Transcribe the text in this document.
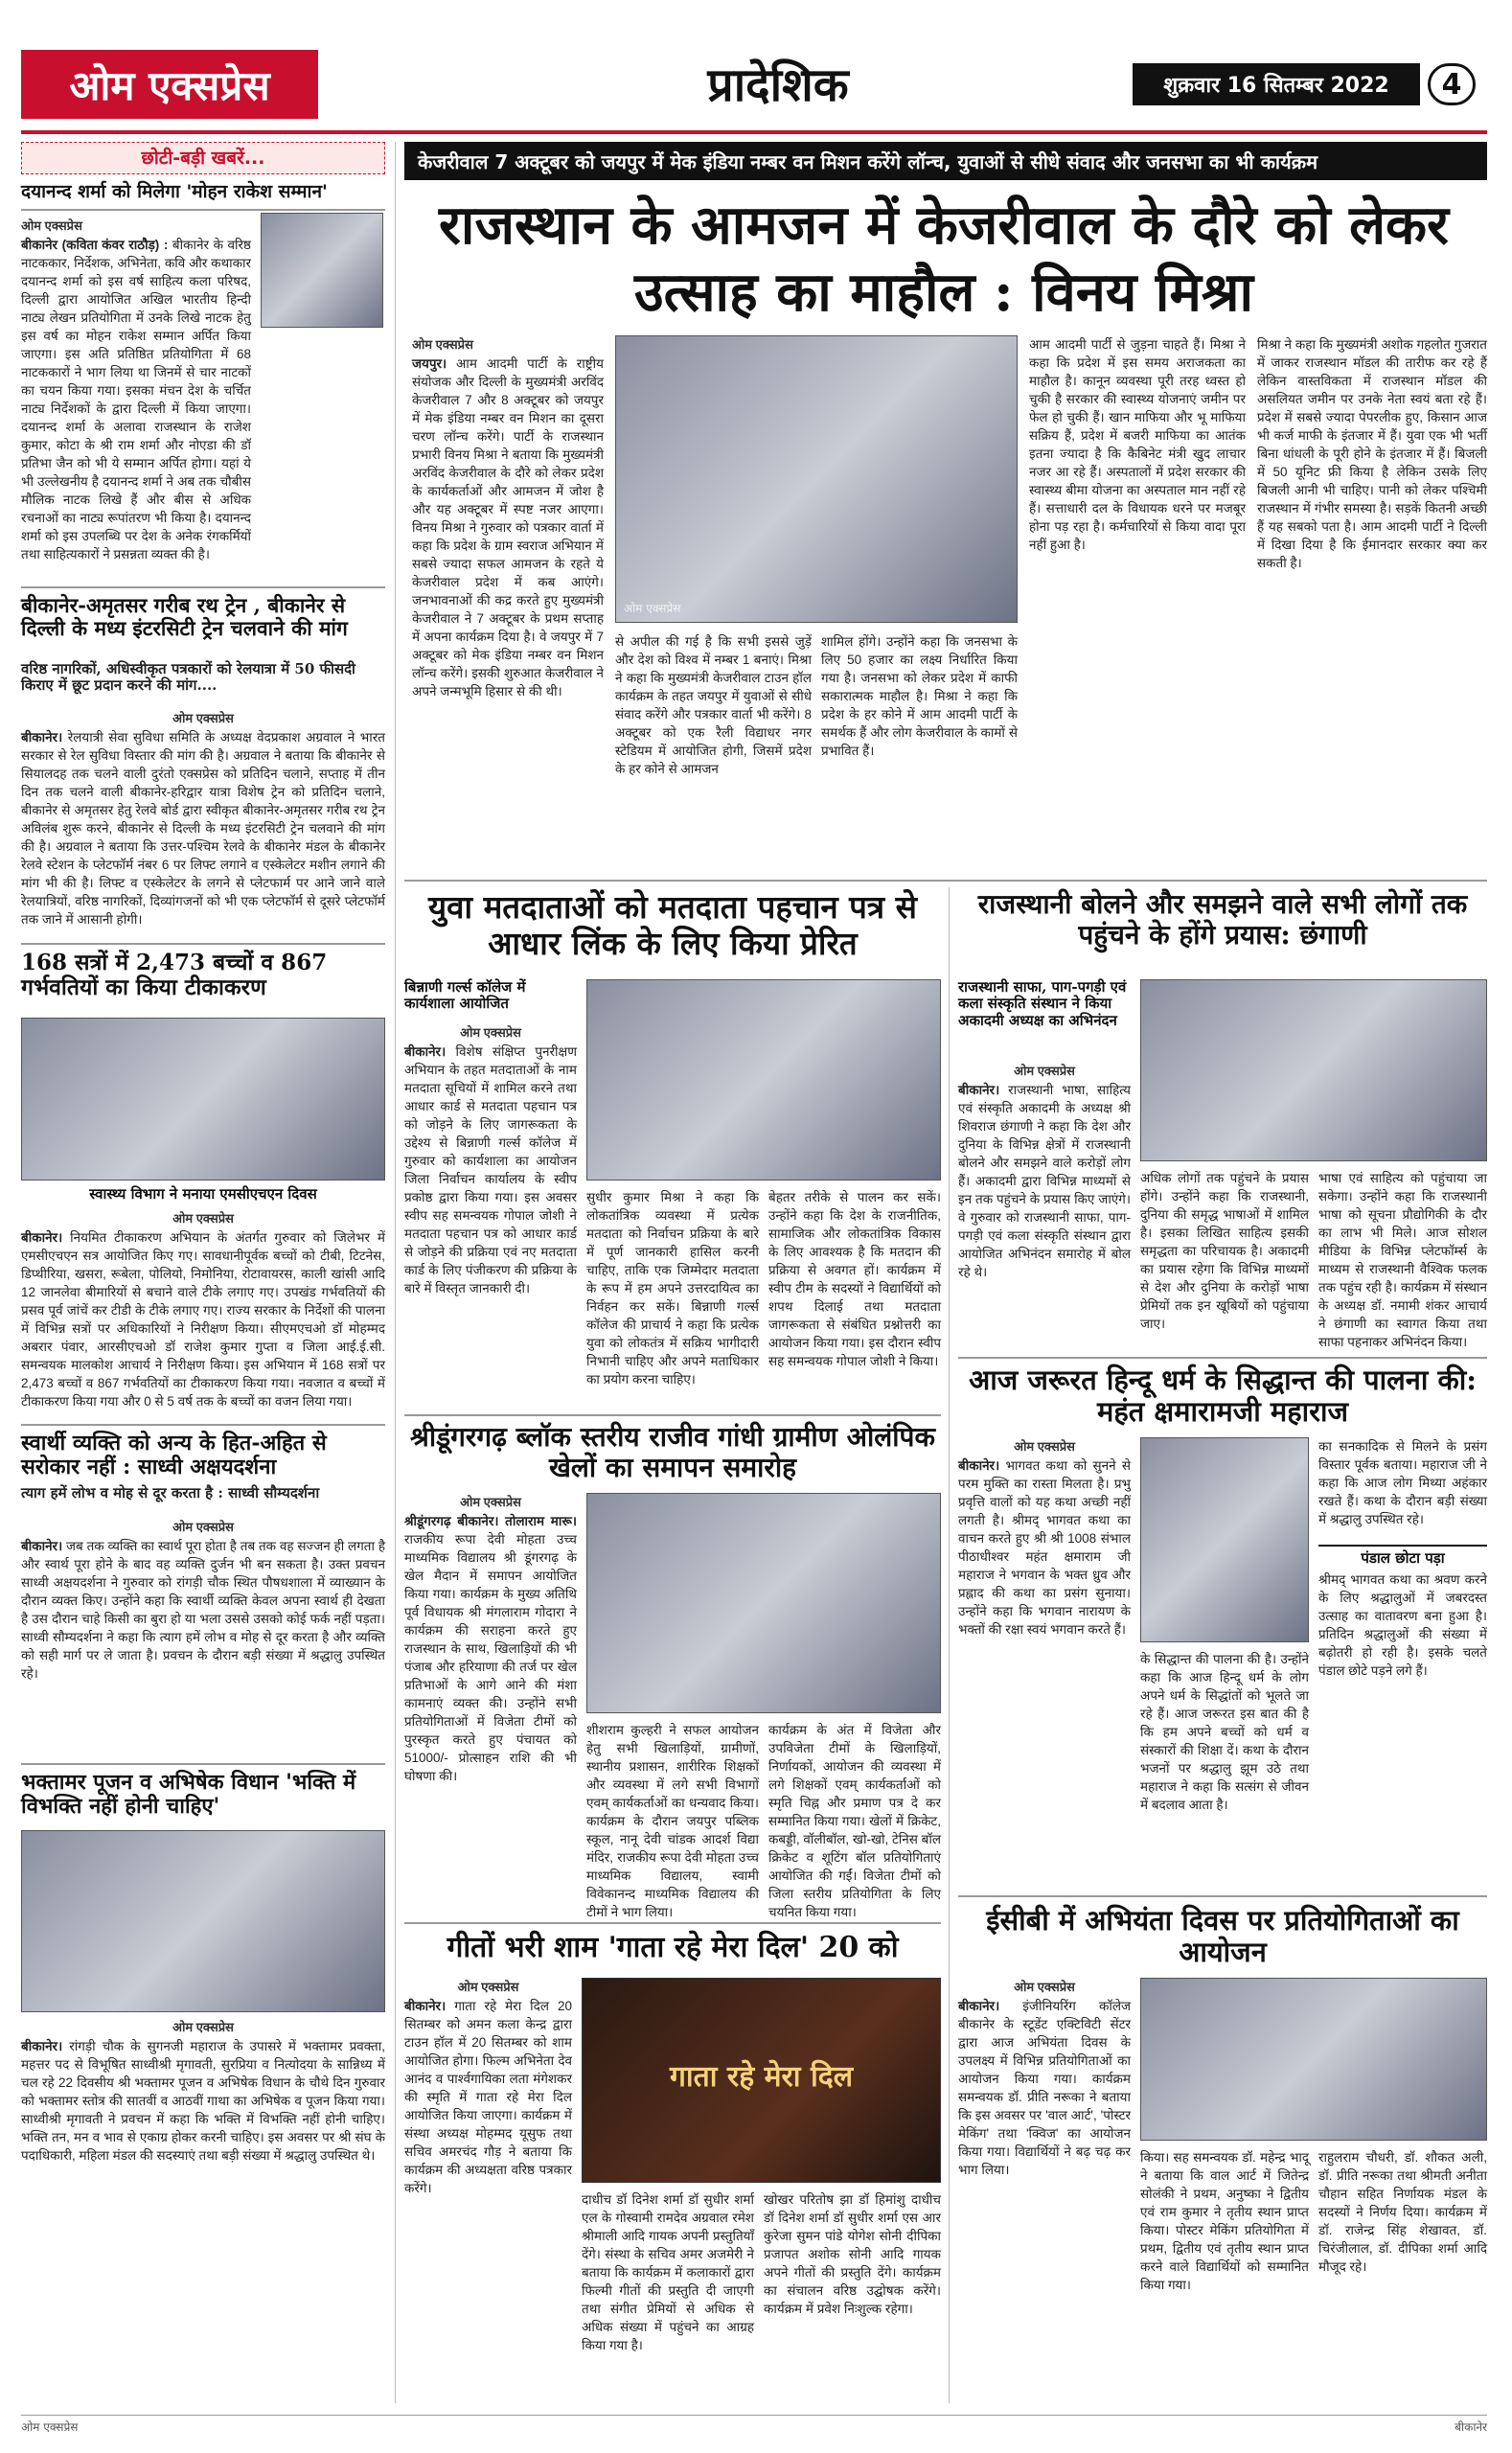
ओम एक्सप्रेस	प्रादेशिक	शुक्रवार 16 सितम्बर 2022	4
छोटी-बड़ी खबरें...
दयानन्द शर्मा को मिलेगा 'मोहन राकेश सम्मान'
ओम एक्सप्रेस
बीकानेर (कविता कंवर राठौड़) : बीकानेर के वरिष्ठ नाटककार, निर्देशक, अभिनेता, कवि और कथाकार दयानन्द शर्मा को इस वर्ष साहित्य कला परिषद, दिल्ली द्वारा आयोजित अखिल भारतीय हिन्दी नाट्य लेखन प्रतियोगिता में उनके लिखे नाटक हेतु इस वर्ष का मोहन राकेश सम्मान अर्पित किया जाएगा। इस अति प्रतिष्ठित प्रतियोगिता में 68 नाटककारों ने भाग लिया था जिनमें से चार नाटकों का चयन किया गया। इसका मंचन देश के चर्चित नाट्य निर्देशकों के द्वारा दिल्ली में किया जाएगा। दयानन्द शर्मा के अलावा राजस्थान के राजेश कुमार, कोटा के श्री राम शर्मा और नोएडा की डॉ प्रतिभा जैन को भी ये सम्मान अर्पित होगा। यहां ये भी उल्लेखनीय है दयानन्द शर्मा ने अब तक चौबीस मौलिक नाटक लिखे हैं और बीस से अधिक रचनाओं का नाट्य रूपांतरण भी किया है। दयानन्द शर्मा को इस उपलब्धि पर देश के अनेक रंगकर्मियों तथा साहित्यकारों ने प्रसन्नता व्यक्त की है।
बीकानेर-अमृतसर गरीब रथ ट्रेन , बीकानेर से दिल्ली के मध्य इंटरसिटी ट्रेन चलवाने की मांग
वरिष्ठ नागरिकों, अधिस्वीकृत पत्रकारों को रेलयात्रा में 50 फीसदी किराए में छूट प्रदान करने की मांग....
ओम एक्सप्रेस
बीकानेर। रेलयात्री सेवा सुविधा समिति के अध्यक्ष वेदप्रकाश अग्रवाल ने भारत सरकार से रेल सुविधा विस्तार की मांग की है। अग्रवाल ने बताया कि बीकानेर से सियालदह तक चलने वाली दुरंतो एक्सप्रेस को प्रतिदिन चलाने, सप्ताह में तीन दिन तक चलने वाली बीकानेर-हरिद्वार यात्रा विशेष ट्रेन को प्रतिदिन चलाने, बीकानेर से अमृतसर हेतु रेलवे बोर्ड द्वारा स्वीकृत बीकानेर-अमृतसर गरीब रथ ट्रेन अविलंब शुरू करने, बीकानेर से दिल्ली के मध्य इंटरसिटी ट्रेन चलवाने की मांग की है। अग्रवाल ने बताया कि उत्तर-पश्चिम रेलवे के बीकानेर मंडल के बीकानेर रेलवे स्टेशन के प्लेटफॉर्म नंबर 6 पर लिफ्ट लगाने व एस्केलेटर मशीन लगाने की मांग भी की है। लिफ्ट व एस्केलेटर के लगने से प्लेटफार्म पर आने जाने वाले रेलयात्रियों, वरिष्ठ नागरिकों, दिव्यांगजनों को भी एक प्लेटफॉर्म से दूसरे प्लेटफॉर्म तक जाने में आसानी होगी।
168 सत्रों में 2,473 बच्चों व 867 गर्भवतियों का किया टीकाकरण
स्वास्थ्य विभाग ने मनाया एमसीएचएन दिवस
ओम एक्सप्रेस
बीकानेर। नियमित टीकाकरण अभियान के अंतर्गत गुरुवार को जिलेभर में एमसीएचएन सत्र आयोजित किए गए। सावधानीपूर्वक बच्चों को टीबी, टिटनेस, डिप्थीरिया, खसरा, रूबेला, पोलियो, निमोनिया, रोटावायरस, काली खांसी आदि 12 जानलेवा बीमारियों से बचाने वाले टीके लगाए गए। उपखंड गर्भवतियों की प्रसव पूर्व जांचें कर टीडी के टीके लगाए गए। राज्य सरकार के निर्देशों की पालना में विभिन्न सत्रों पर अधिकारियों ने निरीक्षण किया। सीएमएचओ डॉ मोहम्मद अबरार पंवार, आरसीएचओ डॉ राजेश कुमार गुप्ता व जिला आई.ई.सी. समन्वयक मालकोश आचार्य ने निरीक्षण किया। इस अभियान में 168 सत्रों पर 2,473 बच्चों व 867 गर्भवतियों का टीकाकरण किया गया। नवजात व बच्चों में टीकाकरण किया गया और 0 से 5 वर्ष तक के बच्चों का वजन लिया गया।
स्वार्थी व्यक्ति को अन्य के हित-अहित से सरोकार नहीं : साध्वी अक्षयदर्शना
त्याग हमें लोभ व मोह से दूर करता है : साध्वी सौम्यदर्शना
ओम एक्सप्रेस
बीकानेर। जब तक व्यक्ति का स्वार्थ पूरा होता है तब तक वह सज्जन ही लगता है और स्वार्थ पूरा होने के बाद वह व्यक्ति दुर्जन भी बन सकता है। उक्त प्रवचन साध्वी अक्षयदर्शना ने गुरुवार को रांगड़ी चौक स्थित पौषधशाला में व्याख्यान के दौरान व्यक्त किए। उन्होंने कहा कि स्वार्थी व्यक्ति केवल अपना स्वार्थ ही देखता है उस दौरान चाहे किसी का बुरा हो या भला उससे उसको कोई फर्क नहीं पड़ता। साध्वी सौम्यदर्शना ने कहा कि त्याग हमें लोभ व मोह से दूर करता है और व्यक्ति को सही मार्ग पर ले जाता है। प्रवचन के दौरान बड़ी संख्या में श्रद्धालु उपस्थित रहे।
भक्तामर पूजन व अभिषेक विधान 'भक्ति में विभक्ति नहीं होनी चाहिए'
ओम एक्सप्रेस
बीकानेर। रांगड़ी चौक के सुगनजी महाराज के उपासरे में भक्तामर प्रवक्ता, महत्तर पद से विभूषित साध्वीश्री मृगावती, सुरप्रिया व नित्योदया के सान्निध्य में चल रहे 22 दिवसीय श्री भक्तामर पूजन व अभिषेक विधान के चौथे दिन गुरुवार को भक्तामर स्तोत्र की सातवीं व आठवीं गाथा का अभिषेक व पूजन किया गया। साध्वीश्री मृगावती ने प्रवचन में कहा कि भक्ति में विभक्ति नहीं होनी चाहिए। भक्ति तन, मन व भाव से एकाग्र होकर करनी चाहिए। इस अवसर पर श्री संघ के पदाधिकारी, महिला मंडल की सदस्याएं तथा बड़ी संख्या में श्रद्धालु उपस्थित थे।
केजरीवाल 7 अक्टूबर को जयपुर में मेक इंडिया नम्बर वन मिशन करेंगे लॉन्च, युवाओं से सीधे संवाद और जनसभा का भी कार्यक्रम
राजस्थान के आमजन में केजरीवाल के दौरे को लेकर उत्साह का माहौल : विनय मिश्रा
ओम एक्सप्रेस
जयपुर। आम आदमी पार्टी के राष्ट्रीय संयोजक और दिल्ली के मुख्यमंत्री अरविंद केजरीवाल 7 और 8 अक्टूबर को जयपुर में मेक इंडिया नम्बर वन मिशन का दूसरा चरण लॉन्च करेंगे। पार्टी के राजस्थान प्रभारी विनय मिश्रा ने बताया कि मुख्यमंत्री अरविंद केजरीवाल के दौरे को लेकर प्रदेश के कार्यकर्ताओं और आमजन में जोश है और यह अक्टूबर में स्पष्ट नजर आएगा। विनय मिश्रा ने गुरुवार को पत्रकार वार्ता में कहा कि प्रदेश के ग्राम स्वराज अभियान में सबसे ज्यादा सफल आमजन के रहते ये केजरीवाल प्रदेश में कब आएंगे। जनभावनाओं की कद्र करते हुए मुख्यमंत्री केजरीवाल ने 7 अक्टूबर के प्रथम सप्ताह में अपना कार्यक्रम दिया है। वे जयपुर में 7 अक्टूबर को मेक इंडिया नम्बर वन मिशन लॉन्च करेंगे। इसकी शुरुआत केजरीवाल ने अपने जन्मभूमि हिसार से की थी।
ओम एक्सप्रेस
से अपील की गई है कि सभी इससे जुड़ें और देश को विश्व में नम्बर 1 बनाएं। मिश्रा ने कहा कि मुख्यमंत्री केजरीवाल टाउन हॉल कार्यक्रम के तहत जयपुर में युवाओं से सीधे संवाद करेंगे और पत्रकार वार्ता भी करेंगे। 8 अक्टूबर को एक रैली विद्याधर नगर स्टेडियम में आयोजित होगी, जिसमें प्रदेश के हर कोने से आमजन
शामिल होंगे। उन्होंने कहा कि जनसभा के लिए 50 हजार का लक्ष्य निर्धारित किया गया है। जनसभा को लेकर प्रदेश में काफी सकारात्मक माहौल है। मिश्रा ने कहा कि प्रदेश के हर कोने में आम आदमी पार्टी के समर्थक हैं और लोग केजरीवाल के कामों से प्रभावित हैं।
आम आदमी पार्टी से जुड़ना चाहते हैं। मिश्रा ने कहा कि प्रदेश में इस समय अराजकता का माहौल है। कानून व्यवस्था पूरी तरह ध्वस्त हो चुकी है सरकार की स्वास्थ्य योजनाएं जमीन पर फेल हो चुकी हैं। खान माफिया और भू माफिया सक्रिय हैं, प्रदेश में बजरी माफिया का आतंक इतना ज्यादा है कि कैबिनेट मंत्री खुद लाचार नजर आ रहे हैं। अस्पतालों में प्रदेश सरकार की स्वास्थ्य बीमा योजना का अस्पताल मान नहीं रहे हैं। सत्ताधारी दल के विधायक धरने पर मजबूर होना पड़ रहा है। कर्मचारियों से किया वादा पूरा नहीं हुआ है।
मिश्रा ने कहा कि मुख्यमंत्री अशोक गहलोत गुजरात में जाकर राजस्थान मॉडल की तारीफ कर रहे हैं लेकिन वास्तविकता में राजस्थान मॉडल की असलियत जमीन पर उनके नेता स्वयं बता रहे हैं। प्रदेश में सबसे ज्यादा पेपरलीक हुए, किसान आज भी कर्ज माफी के इंतजार में हैं। युवा एक भी भर्ती बिना धांधली के पूरी होने के इंतजार में हैं। बिजली में 50 यूनिट फ्री किया है लेकिन उसके लिए बिजली आनी भी चाहिए। पानी को लेकर पश्चिमी राजस्थान में गंभीर समस्या है। सड़कें कितनी अच्छी हैं यह सबको पता है। आम आदमी पार्टी ने दिल्ली में दिखा दिया है कि ईमानदार सरकार क्या कर सकती है।
युवा मतदाताओं को मतदाता पहचान पत्र से आधार लिंक के लिए किया प्रेरित
बिन्नाणी गर्ल्स कॉलेज में कार्यशाला आयोजित
ओम एक्सप्रेस
बीकानेर। विशेष संक्षिप्त पुनरीक्षण अभियान के तहत मतदाताओं के नाम मतदाता सूचियों में शामिल करने तथा आधार कार्ड से मतदाता पहचान पत्र को जोड़ने के लिए जागरूकता के उद्देश्य से बिन्नाणी गर्ल्स कॉलेज में गुरुवार को कार्यशाला का आयोजन जिला निर्वाचन कार्यालय के स्वीप प्रकोष्ठ द्वारा किया गया। इस अवसर स्वीप सह समन्वयक गोपाल जोशी ने मतदाता पहचान पत्र को आधार कार्ड से जोड़ने की प्रक्रिया एवं नए मतदाता कार्ड के लिए पंजीकरण की प्रक्रिया के बारे में विस्तृत जानकारी दी।
सुधीर कुमार मिश्रा ने कहा कि लोकतांत्रिक व्यवस्था में प्रत्येक मतदाता को निर्वाचन प्रक्रिया के बारे में पूर्ण जानकारी हासिल करनी चाहिए, ताकि एक जिम्मेदार मतदाता के रूप में हम अपने उत्तरदायित्व का निर्वहन कर सकें। बिन्नाणी गर्ल्स कॉलेज की प्राचार्य ने कहा कि प्रत्येक युवा को लोकतंत्र में सक्रिय भागीदारी निभानी चाहिए और अपने मताधिकार का प्रयोग करना चाहिए।
बेहतर तरीके से पालन कर सकें। उन्होंने कहा कि देश के राजनीतिक, सामाजिक और लोकतांत्रिक विकास के लिए आवश्यक है कि मतदान की प्रक्रिया से अवगत हों। कार्यक्रम में स्वीप टीम के सदस्यों ने विद्यार्थियों को शपथ दिलाई तथा मतदाता जागरूकता से संबंधित प्रश्नोत्तरी का आयोजन किया गया। इस दौरान स्वीप सह समन्वयक गोपाल जोशी ने किया।
श्रीडूंगरगढ़ ब्लॉक स्तरीय राजीव गांधी ग्रामीण ओलंपिक खेलों का समापन समारोह
ओम एक्सप्रेस
श्रीडूंगरगढ़ बीकानेर। तोलाराम मारू। राजकीय रूपा देवी मोहता उच्च माध्यमिक विद्यालय श्री डूंगरगढ़ के खेल मैदान में समापन आयोजित किया गया। कार्यक्रम के मुख्य अतिथि पूर्व विधायक श्री मंगलाराम गोदारा ने कार्यक्रम की सराहना करते हुए राजस्थान के साथ, खिलाड़ियों की भी पंजाब और हरियाणा की तर्ज पर खेल प्रतिभाओं के आगे आने की मंशा कामनाएं व्यक्त की। उन्होंने सभी प्रतियोगिताओं में विजेता टीमों को पुरस्कृत करते हुए पंचायत को 51000/- प्रोत्साहन राशि की भी घोषणा की।
शीशराम कुल्हरी ने सफल आयोजन हेतु सभी खिलाड़ियों, ग्रामीणों, स्थानीय प्रशासन, शारीरिक शिक्षकों और व्यवस्था में लगे सभी विभागों एवम् कार्यकर्ताओं का धन्यवाद किया। कार्यक्रम के दौरान जयपुर पब्लिक स्कूल, नानू देवी चांडक आदर्श विद्या मंदिर, राजकीय रूपा देवी मोहता उच्च माध्यमिक विद्यालय, स्वामी विवेकानन्द माध्यमिक विद्यालय की टीमों ने भाग लिया।
कार्यक्रम के अंत में विजेता और उपविजेता टीमों के खिलाड़ियों, निर्णायकों, आयोजन की व्यवस्था में लगे शिक्षकों एवम् कार्यकर्ताओं को स्मृति चिह्न और प्रमाण पत्र दे कर सम्मानित किया गया। खेलों में क्रिकेट, कबड्डी, वॉलीबॉल, खो-खो, टेनिस बॉल क्रिकेट व शूटिंग बॉल प्रतियोगिताएं आयोजित की गईं। विजेता टीमों को जिला स्तरीय प्रतियोगिता के लिए चयनित किया गया।
गीतों भरी शाम 'गाता रहे मेरा दिल' 20 को
ओम एक्सप्रेस
बीकानेर। गाता रहे मेरा दिल 20 सितम्बर को अमन कला केन्द्र द्वारा टाउन हॉल में 20 सितम्बर को शाम आयोजित होगा। फिल्म अभिनेता देव आनंद व पार्श्वगायिका लता मंगेशकर की स्मृति में गाता रहे मेरा दिल आयोजित किया जाएगा। कार्यक्रम में संस्था अध्यक्ष मोहम्मद यूसुफ तथा सचिव अमरचंद गौड़ ने बताया कि कार्यक्रम की अध्यक्षता वरिष्ठ पत्रकार करेंगे।
गाता रहे मेरा दिल
दाधीच डॉ दिनेश शर्मा डॉ सुधीर शर्मा एल के गोस्वामी रामदेव अग्रवाल रमेश श्रीमाली आदि गायक अपनी प्रस्तुतियाँ देंगे। संस्था के सचिव अमर अजमेरी ने बताया कि कार्यक्रम में कलाकारों द्वारा फिल्मी गीतों की प्रस्तुति दी जाएगी तथा संगीत प्रेमियों से अधिक से अधिक संख्या में पहुंचने का आग्रह किया गया है।
खोखर परितोष झा डॉ हिमांशु दाधीच डॉ दिनेश शर्मा डॉ सुधीर शर्मा एस आर कुरेजा सुमन पांडे योगेश सोनी दीपिका प्रजापत अशोक सोनी आदि गायक अपने गीतों की प्रस्तुति देंगे। कार्यक्रम का संचालन वरिष्ठ उद्घोषक करेंगे। कार्यक्रम में प्रवेश निःशुल्क रहेगा।
राजस्थानी बोलने और समझने वाले सभी लोगों तक पहुंचने के होंगे प्रयास: छंगाणी
राजस्थानी साफा, पाग-पगड़ी एवं कला संस्कृति संस्थान ने किया अकादमी अध्यक्ष का अभिनंदन
ओम एक्सप्रेस
बीकानेर। राजस्थानी भाषा, साहित्य एवं संस्कृति अकादमी के अध्यक्ष श्री शिवराज छंगाणी ने कहा कि देश और दुनिया के विभिन्न क्षेत्रों में राजस्थानी बोलने और समझने वाले करोड़ों लोग हैं। अकादमी द्वारा विभिन्न माध्यमों से इन तक पहुंचने के प्रयास किए जाएंगे। वे गुरुवार को राजस्थानी साफा, पाग-पगड़ी एवं कला संस्कृति संस्थान द्वारा आयोजित अभिनंदन समारोह में बोल रहे थे।
अधिक लोगों तक पहुंचने के प्रयास होंगे। उन्होंने कहा कि राजस्थानी, दुनिया की समृद्ध भाषाओं में शामिल है। इसका लिखित साहित्य इसकी समृद्धता का परिचायक है। अकादमी का प्रयास रहेगा कि विभिन्न माध्यमों से देश और दुनिया के करोड़ों भाषा प्रेमियों तक इन खूबियों को पहुंचाया जाए।
भाषा एवं साहित्य को पहुंचाया जा सकेगा। उन्होंने कहा कि राजस्थानी भाषा को सूचना प्रौद्योगिकी के दौर का लाभ भी मिले। आज सोशल मीडिया के विभिन्न प्लेटफॉर्म्स के माध्यम से राजस्थानी वैश्विक फलक तक पहुंच रही है। कार्यक्रम में संस्थान के अध्यक्ष डॉ. नमामी शंकर आचार्य ने छंगाणी का स्वागत किया तथा साफा पहनाकर अभिनंदन किया।
आज जरूरत हिन्दू धर्म के सिद्धान्त की पालना की: महंत क्षमारामजी महाराज
ओम एक्सप्रेस
बीकानेर। भागवत कथा को सुनने से परम मुक्ति का रास्ता मिलता है। प्रभु प्रवृत्ति वालों को यह कथा अच्छी नहीं लगती है। श्रीमद् भागवत कथा का वाचन करते हुए श्री श्री 1008 संभाल पीठाधीश्वर महंत क्षमाराम जी महाराज ने भगवान के भक्त ध्रुव और प्रह्लाद की कथा का प्रसंग सुनाया। उन्होंने कहा कि भगवान नारायण के भक्तों की रक्षा स्वयं भगवान करते हैं।
के सिद्धान्त की पालना की है। उन्होंने कहा कि आज हिन्दू धर्म के लोग अपने धर्म के सिद्धांतों को भूलते जा रहे हैं। आज जरूरत इस बात की है कि हम अपने बच्चों को धर्म व संस्कारों की शिक्षा दें। कथा के दौरान भजनों पर श्रद्धालु झूम उठे तथा महाराज ने कहा कि सत्संग से जीवन में बदलाव आता है।
का सनकादिक से मिलने के प्रसंग विस्तार पूर्वक बताया। महाराज जी ने कहा कि आज लोग मिथ्या अहंकार रखते हैं। कथा के दौरान बड़ी संख्या में श्रद्धालु उपस्थित रहे।
पंडाल छोटा पड़ा
श्रीमद् भागवत कथा का श्रवण करने के लिए श्रद्धालुओं में जबरदस्त उत्साह का वातावरण बना हुआ है। प्रतिदिन श्रद्धालुओं की संख्या में बढ़ोतरी हो रही है। इसके चलते पंडाल छोटे पड़ने लगे हैं।
ईसीबी में अभियंता दिवस पर प्रतियोगिताओं का आयोजन
ओम एक्सप्रेस
बीकानेर। इंजीनियरिंग कॉलेज बीकानेर के स्टूडेंट एक्टिविटी सेंटर द्वारा आज अभियंता दिवस के उपलक्ष्य में विभिन्न प्रतियोगिताओं का आयोजन किया गया। कार्यक्रम समन्वयक डॉ. प्रीति नरूका ने बताया कि इस अवसर पर 'वाल आर्ट', 'पोस्टर मेकिंग' तथा 'क्विज' का आयोजन किया गया। विद्यार्थियों ने बढ़ चढ़ कर भाग लिया।
किया। सह समन्वयक डॉ. महेन्द्र भादू ने बताया कि वाल आर्ट में जितेन्द्र सोलंकी ने प्रथम, अनुष्का ने द्वितीय एवं राम कुमार ने तृतीय स्थान प्राप्त किया। पोस्टर मेकिंग प्रतियोगिता में प्रथम, द्वितीय एवं तृतीय स्थान प्राप्त करने वाले विद्यार्थियों को सम्मानित किया गया।
राहुलराम चौधरी, डॉ. शौकत अली, डॉ. प्रीति नरूका तथा श्रीमती अनीता चौहान सहित निर्णायक मंडल के सदस्यों ने निर्णय दिया। कार्यक्रम में डॉ. राजेन्द्र सिंह शेखावत, डॉ. चिरंजीलाल, डॉ. दीपिका शर्मा आदि मौजूद रहे।
ओम एक्सप्रेस	बीकानेर
